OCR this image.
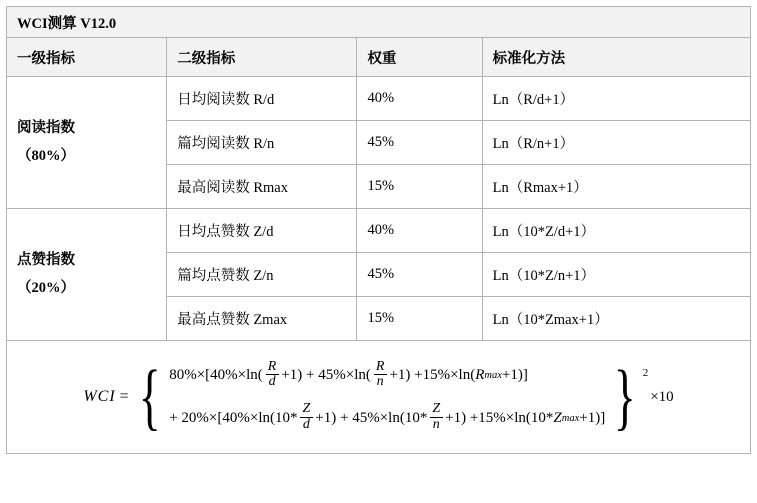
WCI测算 V12.0			
一级指标	二级指标	权重	标准化方法

阅读指数
（80%）	日均阅读数 R/d	40%	Ln（R/d+1）
	篇均阅读数 R/n	45%	Ln（R/n+1）
	最高阅读数 Rmax	15%	Ln（Rmax+1）

点赞指数
（20%）	日均点赞数 Z/d	40%	Ln（10*Z/d+1）
	篇均点赞数 Z/n	45%	Ln（10*Z/n+1）
	最高点赞数 Zmax	15%	Ln（10*Zmax+1）

WCI = { $80\%\times[40\%\times\ln( \frac{R}{d} +1) + 45\%\times\ln( \frac{R}{n} +1) +15\%\times\ln$( R max +1)]
+ $20\%\times[40\%\times\ln(10* \frac{Z}{d} +1) + 45\%\times\ln(10* \frac{Z}{n} +1) +15\%\times\ln(10*$ Z max +1)] } 2
×10
